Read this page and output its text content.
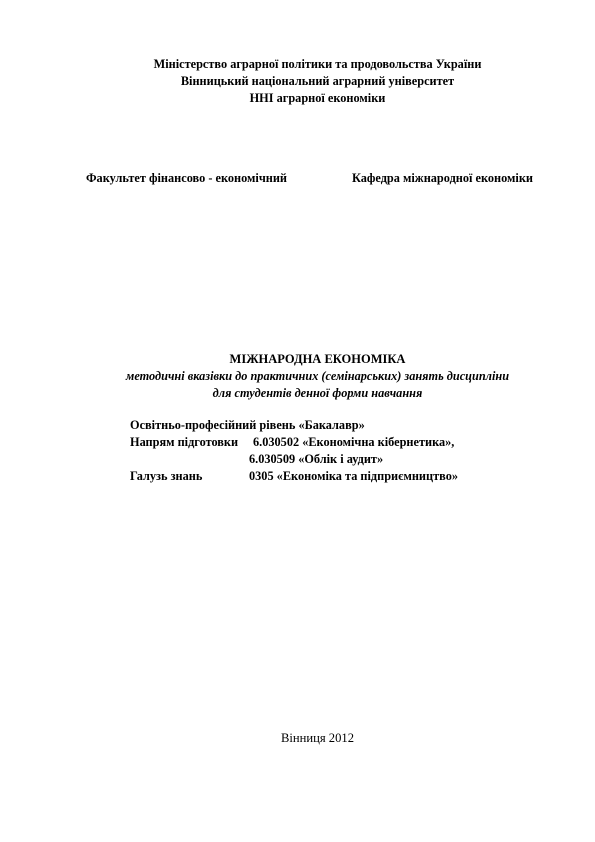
Міністерство аграрної політики та продовольства України
Вінницький національний аграрний університет
ННІ аграрної економіки
Факультет фінансово - економічний	Кафедра міжнародної економіки
МІЖНАРОДНА ЕКОНОМІКА
методичні вказівки до практичних (семінарських) занять дисципліни
для студентів денної форми навчання
Освітньо-професійний рівень «Бакалавр»
Напрям підготовки 6.030502 «Економічна кібернетика»,
6.030509 «Облік і аудит»
Галузь знань	0305 «Економіка та підприємництво»
Вінниця 2012
